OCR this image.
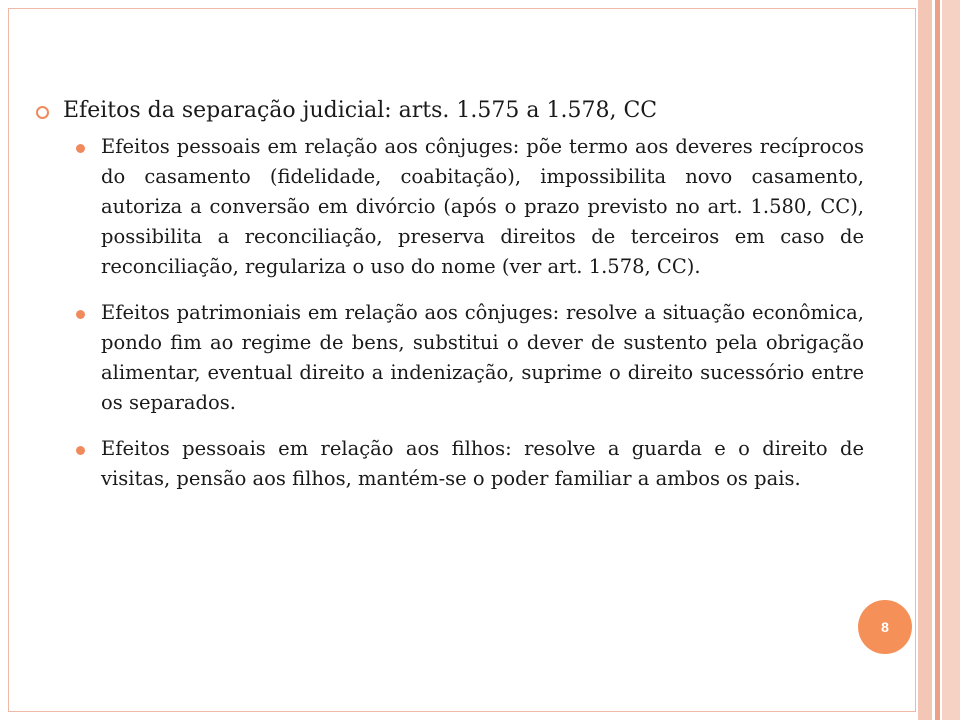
Efeitos da separação judicial: arts. 1.575 a 1.578, CC
Efeitos pessoais em relação aos cônjuges: põe termo aos deveres recíprocos do casamento (fidelidade, coabitação), impossibilita novo casamento, autoriza a conversão em divórcio (após o prazo previsto no art. 1.580, CC), possibilita a reconciliação, preserva direitos de terceiros em caso de reconciliação, regulariza o uso do nome (ver art. 1.578, CC).
Efeitos patrimoniais em relação aos cônjuges: resolve a situação econômica, pondo fim ao regime de bens, substitui o dever de sustento pela obrigação alimentar, eventual direito a indenização, suprime o direito sucessório entre os separados.
Efeitos pessoais em relação aos filhos: resolve a guarda e o direito de visitas, pensão aos filhos, mantém-se o poder familiar a ambos os pais.
8
